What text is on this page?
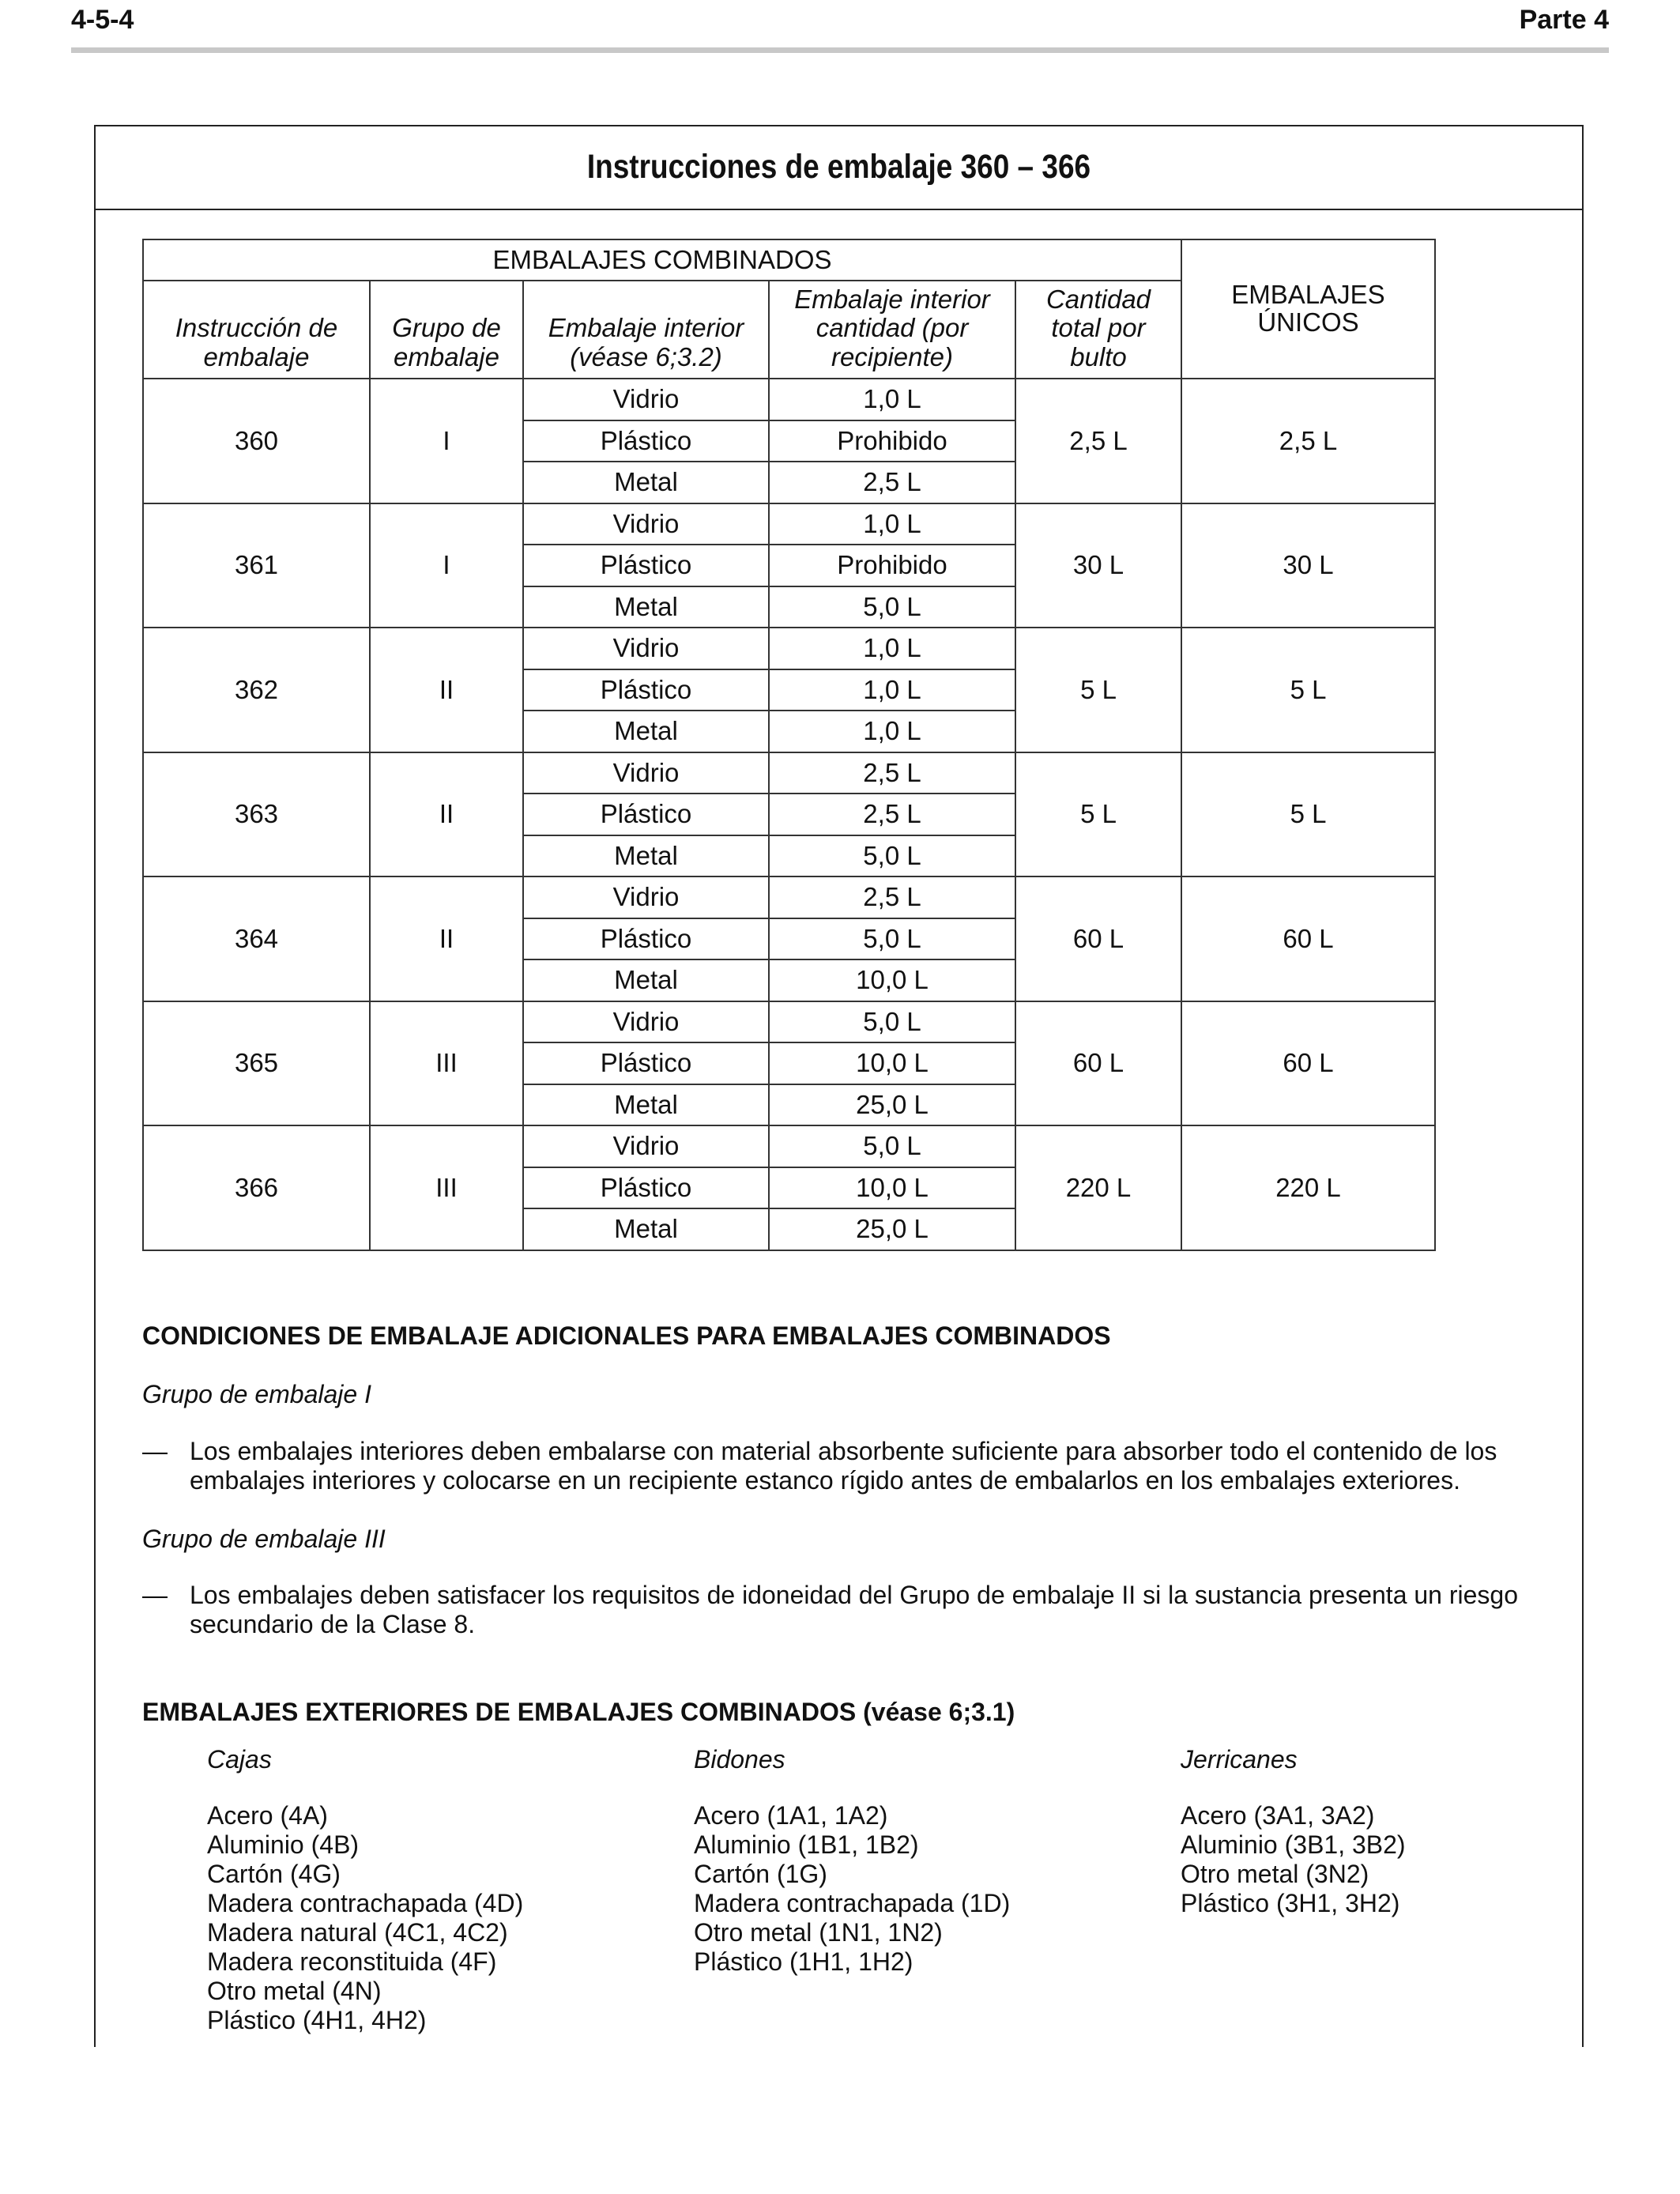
4-5-4	Parte 4
Instrucciones de embalaje 360 – 366
EMBALAJES COMBINADOS					EMBALAJES ÚNICOS
Instrucción de embalaje	Grupo de embalaje	Embalaje interior (véase 6;3.2)	Embalaje interior cantidad (por recipiente)	Cantidad total por bulto	
360	I	Vidrio	1,0 L	2,5 L	2,5 L
		Plástico	Prohibido		
		Metal	2,5 L		
361	I	Vidrio	1,0 L	30 L	30 L
		Plástico	Prohibido		
		Metal	5,0 L		
362	II	Vidrio	1,0 L	5 L	5 L
		Plástico	1,0 L		
		Metal	1,0 L		
363	II	Vidrio	2,5 L	5 L	5 L
		Plástico	2,5 L		
		Metal	5,0 L		
364	II	Vidrio	2,5 L	60 L	60 L
		Plástico	5,0 L		
		Metal	10,0 L		
365	III	Vidrio	5,0 L	60 L	60 L
		Plástico	10,0 L		
		Metal	25,0 L		
366	III	Vidrio	5,0 L	220 L	220 L
		Plástico	10,0 L		
		Metal	25,0 L		
CONDICIONES DE EMBALAJE ADICIONALES PARA EMBALAJES COMBINADOS
Grupo de embalaje I
— Los embalajes interiores deben embalarse con material absorbente suficiente para absorber todo el contenido de los embalajes interiores y colocarse en un recipiente estanco rígido antes de embalarlos en los embalajes exteriores.
Grupo de embalaje III
— Los embalajes deben satisfacer los requisitos de idoneidad del Grupo de embalaje II si la sustancia presenta un riesgo secundario de la Clase 8.
EMBALAJES EXTERIORES DE EMBALAJES COMBINADOS (véase 6;3.1)
Cajas
Acero (4A)
Aluminio (4B)
Cartón (4G)
Madera contrachapada (4D)
Madera natural (4C1, 4C2)
Madera reconstituida (4F)
Otro metal (4N)
Plástico (4H1, 4H2)
Bidones
Acero (1A1, 1A2)
Aluminio (1B1, 1B2)
Cartón (1G)
Madera contrachapada (1D)
Otro metal (1N1, 1N2)
Plástico (1H1, 1H2)
Jerricanes
Acero (3A1, 3A2)
Aluminio (3B1, 3B2)
Otro metal (3N2)
Plástico (3H1, 3H2)
